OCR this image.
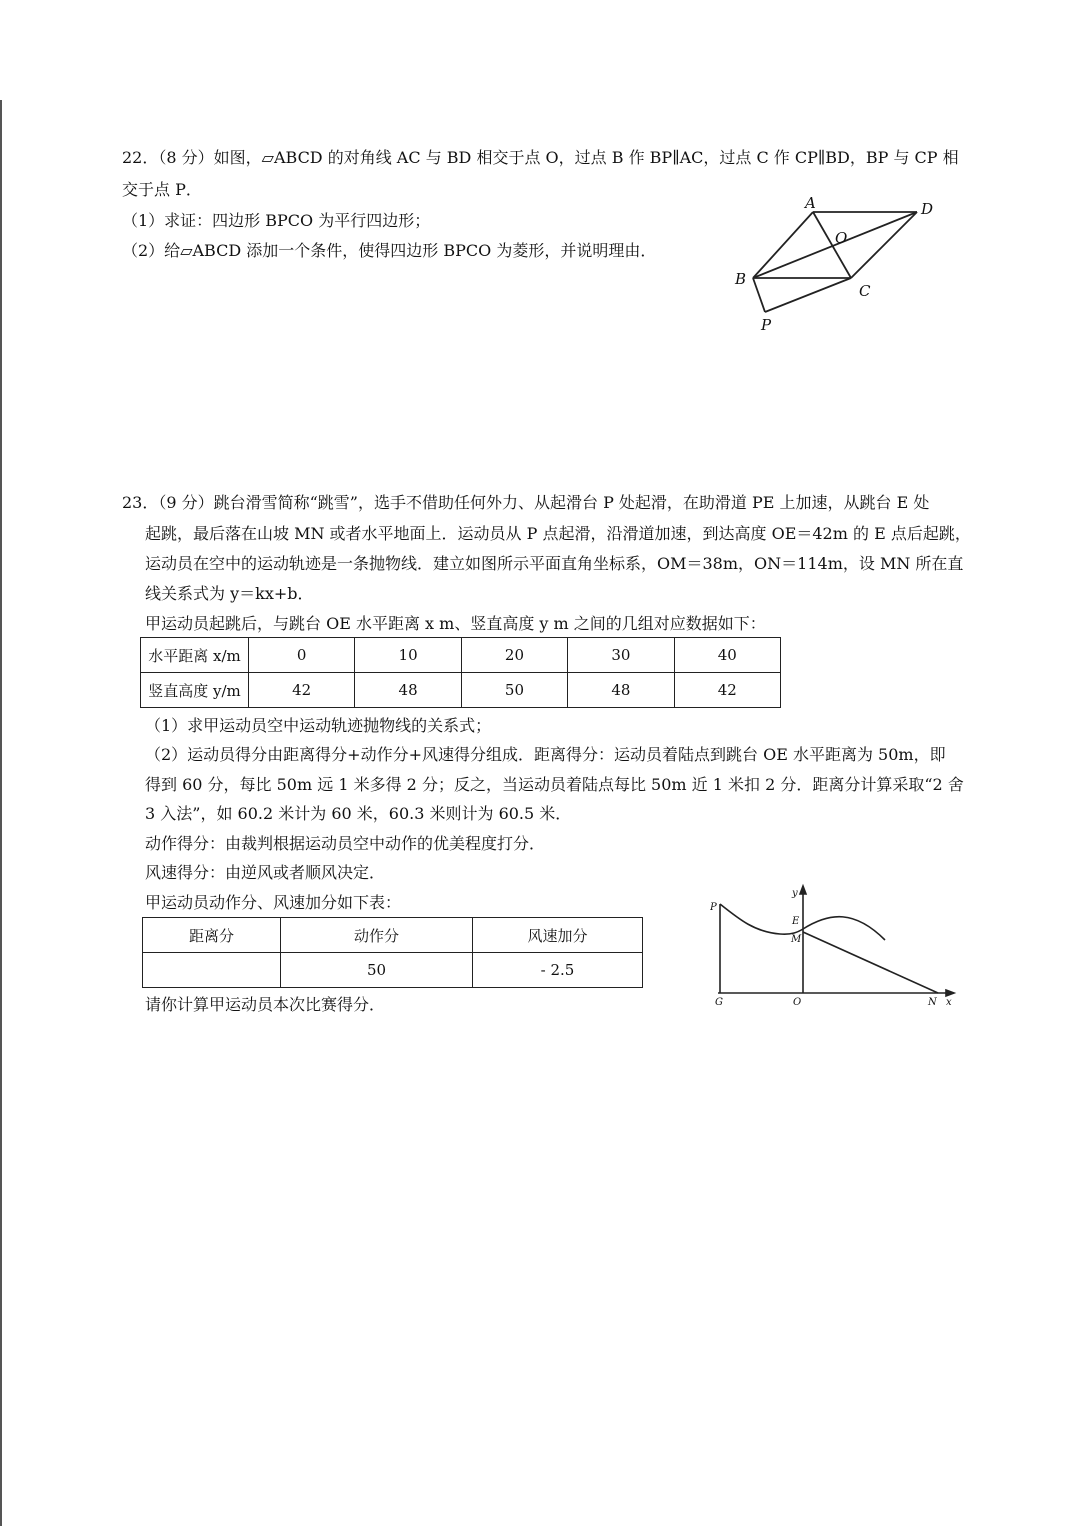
22．（8 分）如图，▱ABCD 的对角线 AC 与 BD 相交于点 O，过点 B 作 BP∥AC，过点 C 作 CP∥BD，BP 与 CP 相
交于点 P．
（1）求证：四边形 BPCO 为平行四边形；
（2）给▱ABCD 添加一个条件，使得四边形 BPCO 为菱形，并说明理由．
A	D
O
B
C
P
23．（9 分）跳台滑雪简称“跳雪”，选手不借助任何外力、从起滑台 P 处起滑，在助滑道 PE 上加速，从跳台 E 处
起跳，最后落在山坡 MN 或者水平地面上．运动员从 P 点起滑，沿滑道加速，到达高度 OE＝42m 的 E 点后起跳，
运动员在空中的运动轨迹是一条抛物线．建立如图所示平面直角坐标系，OM＝38m，ON＝114m，设 MN 所在直
线关系式为 y＝kx+b．
甲运动员起跳后，与跳台 OE 水平距离 x m、竖直高度 y m 之间的几组对应数据如下：
水平距离 x/m	0	10	20	30	40
竖直高度 y/m	42	48	50	48	42
（1）求甲运动员空中运动轨迹抛物线的关系式；
（2）运动员得分由距离得分+动作分+风速得分组成．距离得分：运动员着陆点到跳台 OE 水平距离为 50m，即
得到 60 分，每比 50m 远 1 米多得 2 分；反之，当运动员着陆点每比 50m 近 1 米扣 2 分．距离分计算采取“2 舍
3 入法”，如 60.2 米计为 60 米，60.3 米则计为 60.5 米．
动作得分：由裁判根据运动员空中动作的优美程度打分．
风速得分：由逆风或者顺风决定．
甲运动员动作分、风速加分如下表：
距离分	动作分	风速加分
	50	- 2.5
请你计算甲运动员本次比赛得分．
P
y
E
M
G	O	N x
